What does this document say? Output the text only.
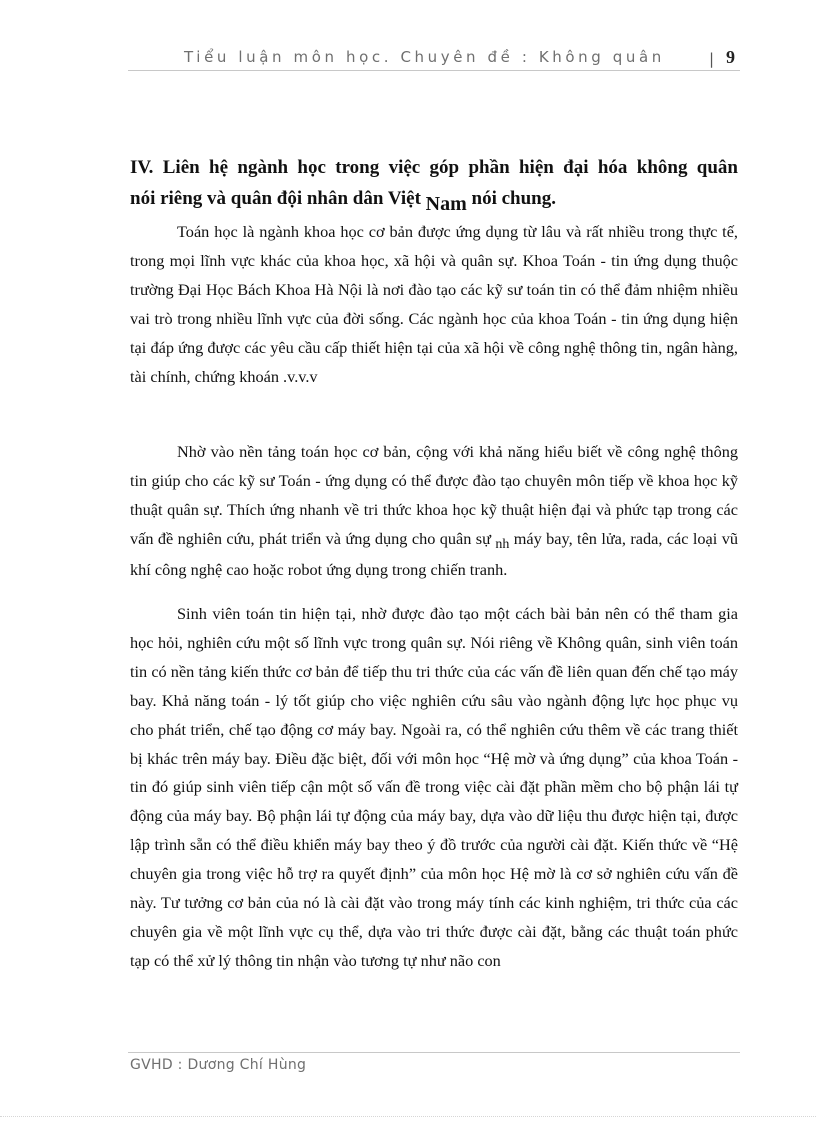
Tiểu luận môn học. Chuyên đề : Không quân	| 9
IV. Liên hệ ngành học trong việc góp phần hiện đại hóa không quân
nói riêng và quân đội nhân dân Việt Nam nói chung.

Toán học là ngành khoa học cơ bản được ứng dụng từ lâu và rất nhiều trong thực tế, trong mọi lĩnh vực khác của khoa học, xã hội và quân sự. Khoa Toán - tin ứng dụng thuộc trường Đại Học Bách Khoa Hà Nội là nơi đào tạo các kỹ sư toán tin có thể đảm nhiệm nhiều vai trò trong nhiều lĩnh vực của đời sống. Các ngành học của khoa Toán - tin ứng dụng hiện tại đáp ứng được các yêu cầu cấp thiết hiện tại của xã hội về công nghệ thông tin, ngân hàng, tài chính, chứng khoán .v.v.v

Nhờ vào nền tảng toán học cơ bản, cộng với khả năng hiểu biết về công nghệ thông tin giúp cho các kỹ sư Toán - ứng dụng có thể được đào tạo chuyên môn tiếp về khoa học kỹ thuật quân sự. Thích ứng nhanh về tri thức khoa học kỹ thuật hiện đại và phức tạp trong các vấn đề nghiên cứu, phát triển và ứng dụng cho quân sự nh máy bay, tên lửa, rada, các loại vũ khí công nghệ cao hoặc robot ứng dụng trong chiến tranh.

Sinh viên toán tin hiện tại, nhờ được đào tạo một cách bài bản nên có thể tham gia học hỏi, nghiên cứu một số lĩnh vực trong quân sự. Nói riêng về Không quân, sinh viên toán tin có nền tảng kiến thức cơ bản để tiếp thu tri thức của các vấn đề liên quan đến chế tạo máy bay. Khả năng toán - lý tốt giúp cho việc nghiên cứu sâu vào ngành động lực học phục vụ cho phát triển, chế tạo động cơ máy bay. Ngoài ra, có thể nghiên cứu thêm về các trang thiết bị khác trên máy bay. Điều đặc biệt, đối với môn học “Hệ mờ và ứng dụng” của khoa Toán - tin đó giúp sinh viên tiếp cận một số vấn đề trong việc cài đặt phần mềm cho bộ phận lái tự động của máy bay. Bộ phận lái tự động của máy bay, dựa vào dữ liệu thu được hiện tại, được lập trình sẵn có thể điều khiển máy bay theo ý đồ trước của người cài đặt. Kiến thức về “Hệ chuyên gia trong việc hỗ trợ ra quyết định” của môn học Hệ mờ là cơ sở nghiên cứu vấn đề này. Tư tưởng cơ bản của nó là cài đặt vào trong máy tính các kinh nghiệm, tri thức của các chuyên gia về một lĩnh vực cụ thể, dựa vào tri thức được cài đặt, bằng các thuật toán phức tạp có thể xử lý thông tin nhận vào tương tự như não con

GVHD : Dương Chí Hùng
